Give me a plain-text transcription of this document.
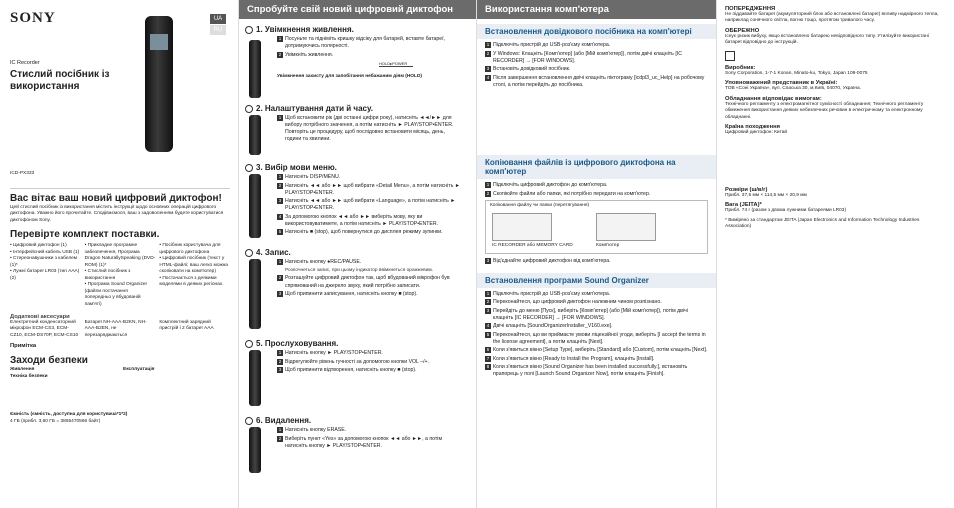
SONY	UA
RU
IC Recorder
Стислий посібник із використання
ICD-PX333
Вас вітає ваш новий цифровий диктофон!
Цей стислий посібник із використання містить інструкції щодо основних операцій цифрового диктофона. Уважно його прочитайте. Сподіваємося, ваш з задоволенням будете користуватися диктофоном Sony.
Перевірте комплект поставки.
• Цифровий диктофон (1)
• Інтерфейсний кабель USB (1)
• Стереонавушники з кабелем (1)*
• Лужні батареї LR03 (тип AAA) (2)
• Прикладне програмне забезпечення, Програма Dragon NaturallySpeaking (DVD-ROM) (1)*
• Стислий посібник з використання
• Програма Sound Organizer (файли постачання попередньо у вбудованій пам'яті)
• Посібник користувача для цифрового диктофона
• Цифровий посібник (текст у HTML-файлі; ваш легко можна скопіювати на комп'ютер)
• Постачається з деякими моделями в деяких регіонах.
Додаткові аксесуари
Електретний конденсаторний мікрофон ECM-CS3, ECM-CZ10, ECM-DS70P, ECM-CS10
Батареї NH-AAA-B2KN, NH-AAA-B2EN, не перезаряджаються
Комплектний зарядний пристрій і 2 батареї AAA
Примітка
Заходи безпеки
Живлення
Техніка безпеки
Експлуатація
Ємність (ємність, доступна для користувача*1*2)
4 ГБ (прибл. 3,60 ГБ = 3865470566 байт)
Спробуйте свій новий цифровий диктофон
1. Увімкнення живлення.
1 Посуньте та підніміть кришку відсіку для батарей, вставте батареї, дотримуючись полярності.
2 Увімкніть живлення.
HOLD▸POWER
Увімкнення захисту для запобігання небажаним діям (HOLD)
2. Налаштування дати й часу.
1 Щоб встановити рік (дві останні цифри року), натисніть ◄◄/►► для вибору потрібного значення, а потім натисніть ► PLAY/STOP•ENTER. Повторіть це процедуру, щоб послідовно встановити місяць, день, години та хвилини.
3. Вибір мови меню.
1 Натисніть DISP/MENU.
2 Натисніть ◄◄ або ►► щоб вибрати «Detail Menu», а потім натисніть ► PLAY/STOP•ENTER.
3 Натисніть ◄◄ або ►► щоб вибрати «Language», а потім натисніть ► PLAY/STOP•ENTER.
4 За допомогою кнопок ◄◄ або ►► виберіть мову, яку ви використовуватимете, а потім натисніть ► PLAY/STOP•ENTER.
5 Натисніть ■ (stop), щоб повернутися до дисплея режиму зупинки.
4. Запис.
1 Натисніть кнопку ●REC/PAUSE.
Розпочнеться запис, при цьому індикатор ввімкнеться оранжевим.
2 Розташуйте цифровий диктофон так, щоб вбудований мікрофон був спрямований на джерело звуку, який потрібно записати.
3 Щоб припинити записування, натисніть кнопку ■ (stop).
5. Прослуховування.
1 Натисніть кнопку ► PLAY/STOP•ENTER.
2 Відрегулюйте рівень гучності за допомогою кнопки VOL –/+.
3 Щоб припинити відтворення, натисніть кнопку ■ (stop).
6. Видалення.
1 Натисніть кнопку ERASE.
2 Виберіть пункт «Yes» за допомогою кнопок ◄◄ або ►►, а потім натисніть кнопку ► PLAY/STOP•ENTER.
Використання комп'ютера
Встановлення довідкового посібника на комп'ютері
1 Підключіть пристрій до USB-роз'єму комп'ютера.
2 У Windows: Клацніть [Комп'ютер] (або [Мій комп'ютер]), потім двічі клацніть [IC RECORDER] → [FOR WINDOWS].
3 Встановіть довідковий посібник.
4 Після завершення встановлення двічі клацніть піктограму [icdpl3_uc_Help] на робочому столі, а потім перейдіть до посібника.
Копіювання файлів із цифрового диктофона на комп'ютер
1 Підключіть цифровий диктофон до комп'ютера.
2 Скопіюйте файли або папки, які потрібно передати на комп'ютер.
Копіювання файлу чи папки (перетягування)
IC RECORDER або MEMORY CARD	Комп'ютер
3 Від'єднайте цифровий диктофон від комп'ютера.
Встановлення програми Sound Organizer
1 Підключіть пристрій до USB-роз'єму комп'ютера.
2 Переконайтеся, що цифровий диктофон належним чином розпізнано.
3 Перейдіть до меню [Пуск], виберіть [Комп'ютер] (або [Мій комп'ютер]), потім двічі клацніть [IC RECORDER] → [FOR WINDOWS].
4 Двічі клацніть [SoundOrganizerInstaller_V160.exe].
5 Переконайтеся, що ви приймаєте умови ліцензійної угоди, виберіть [I accept the terms in the license agreement], а потім клацніть [Next].
6 Коли з'явиться вікно [Setup Type], виберіть [Standard] або [Custom], потім клацніть [Next].
7 Коли з'явиться вікно [Ready to Install the Program], клацніть [Install].
8 Коли з'явиться вікно [Sound Organizer has been installed successfully.], встановіть прапорець у полі [Launch Sound Organizer Now], потім клацніть [Finish].
ПОПЕРЕДЖЕННЯ
Не піддавайте батареї (акумуляторний блок або встановлені батареї) впливу надмірного тепла, наприклад сонячного світла, вогню тощо, протягом тривалого часу.
ОБЕРЕЖНО
Існує ризик вибуху, якщо встановлено батарею невідповідного типу. Утилізуйте використані батареї відповідно до інструкцій.
Виробник:
Sony Corporation, 1-7-1 Konan, Minato-ku, Tokyo, Japan 108-0075
Уповноважений представник в Україні:
ТОВ «Соні Україна», вул. Спаська 30, м.Київ, 04070, Україна.
Обладнання відповідає вимогам:
Технічного регламенту з електромагнітної сумісності обладнання; Технічного регламенту обмеження використання деяких небезпечних речовин в електричному та електронному обладнанні.
Країна походження
Цифровий диктофон: Китай
Розміри (ш/в/г)
Прибл. 37,5 мм × 114,5 мм × 20,9 мм
Вага (JEITA)*
Прибл. 74 г (разом з двома лужними батареями LR03)
* Вимірянo за стандартом JEITA (Japan Electronics and Information Technology Industries Association)
